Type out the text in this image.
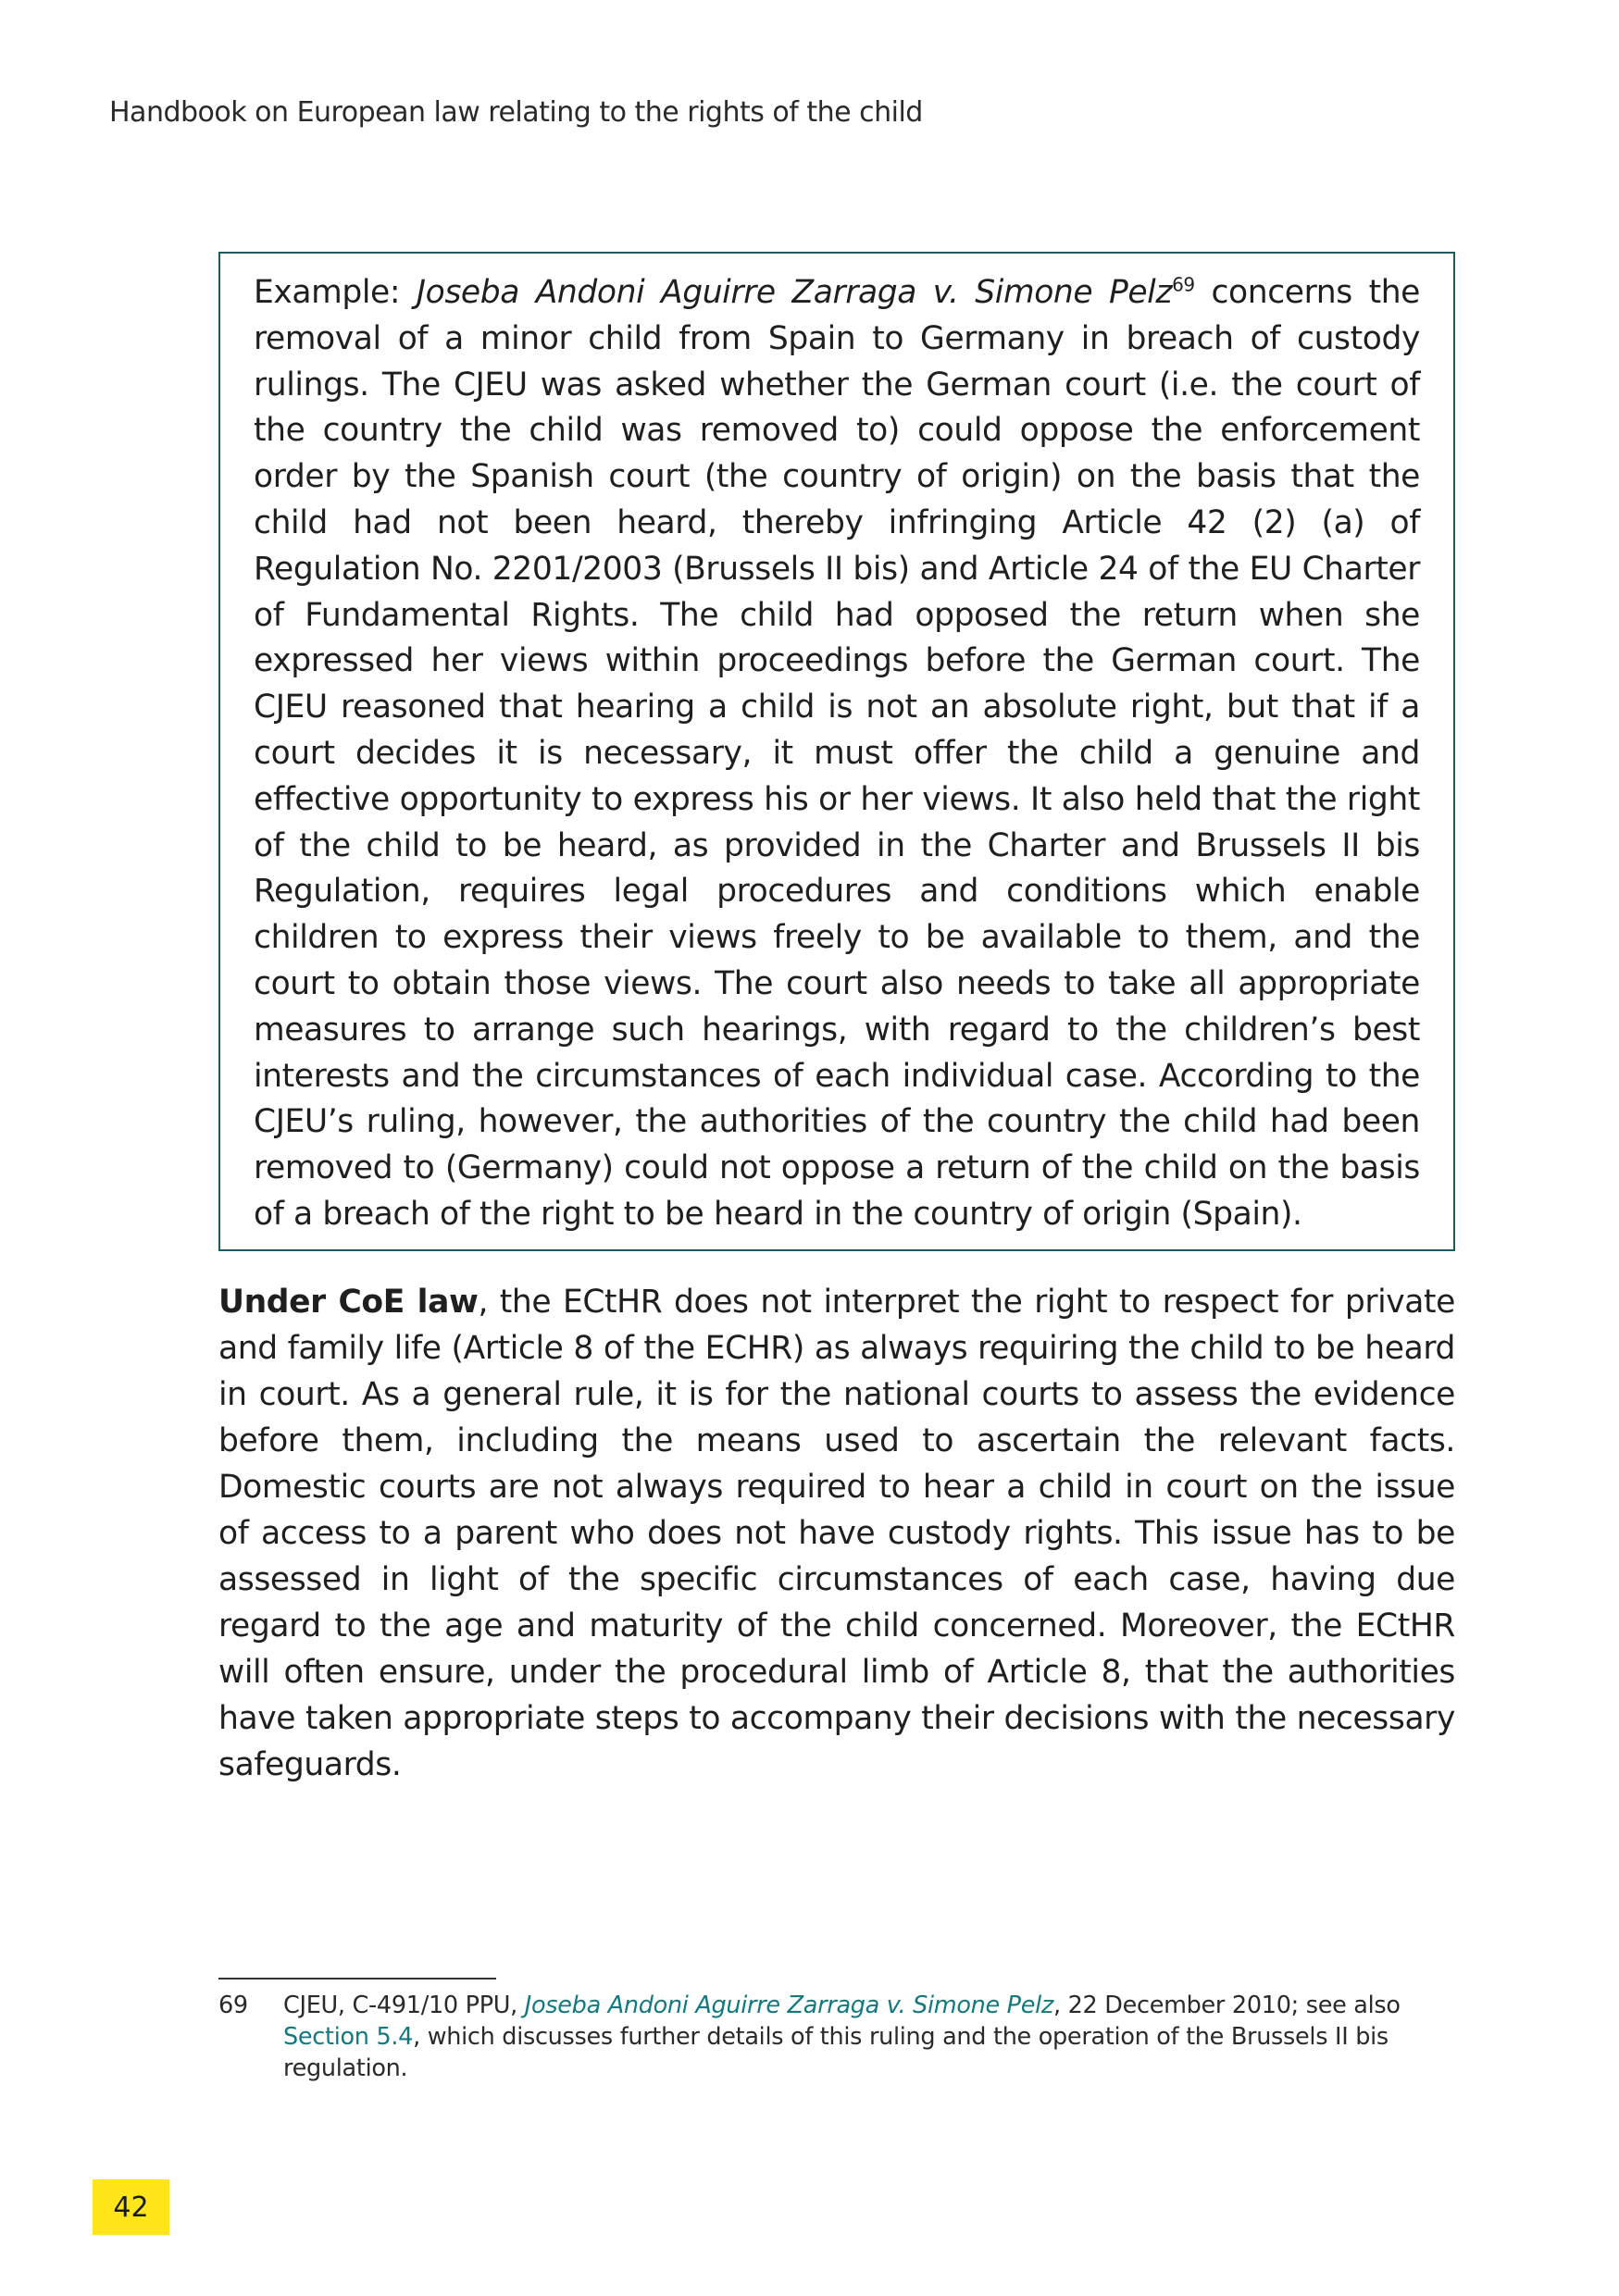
Handbook on European law relating to the rights of the child

Example: Joseba Andoni Aguirre Zarraga v. Simone Pelz$^{69}$ concerns the removal of a minor child from Spain to Germany in breach of custody rulings. The CJEU was asked whether the German court (i.e. the court of the country the child was removed to) could oppose the enforcement order by the Spanish court (the country of origin) on the basis that the child had not been heard, thereby infringing Article 42 (2) (a) of Regulation No. 2201/2003 (Brussels II bis) and Article 24 of the EU Charter of Fundamental Rights. The child had opposed the return when she expressed her views within proceedings before the German court. The CJEU reasoned that hearing a child is not an absolute right, but that if a court decides it is necessary, it must offer the child a genuine and effective opportunity to express his or her views. It also held that the right of the child to be heard, as provided in the Charter and Brussels II bis Regulation, requires legal procedures and conditions which enable children to express their views freely to be available to them, and the court to obtain those views. The court also needs to take all appropriate measures to arrange such hearings, with regard to the children’s best interests and the circumstances of each individual case. According to the CJEU’s ruling, however, the authorities of the country the child had been removed to (Germany) could not oppose a return of the child on the basis of a breach of the right to be heard in the country of origin (Spain).

Under CoE law, the ECtHR does not interpret the right to respect for private and family life (Article 8 of the ECHR) as always requiring the child to be heard in court. As a general rule, it is for the national courts to assess the evidence before them, including the means used to ascertain the relevant facts. Domestic courts are not always required to hear a child in court on the issue of access to a parent who does not have custody rights. This issue has to be assessed in light of the specific circumstances of each case, having due regard to the age and maturity of the child concerned. Moreover, the ECtHR will often ensure, under the procedural limb of Article 8, that the authorities have taken appropriate steps to accompany their decisions with the necessary safeguards.

69 CJEU, C-491/10 PPU, Joseba Andoni Aguirre Zarraga v. Simone Pelz, 22 December 2010; see also Section 5.4, which discusses further details of this ruling and the operation of the Brussels II bis regulation.
42
